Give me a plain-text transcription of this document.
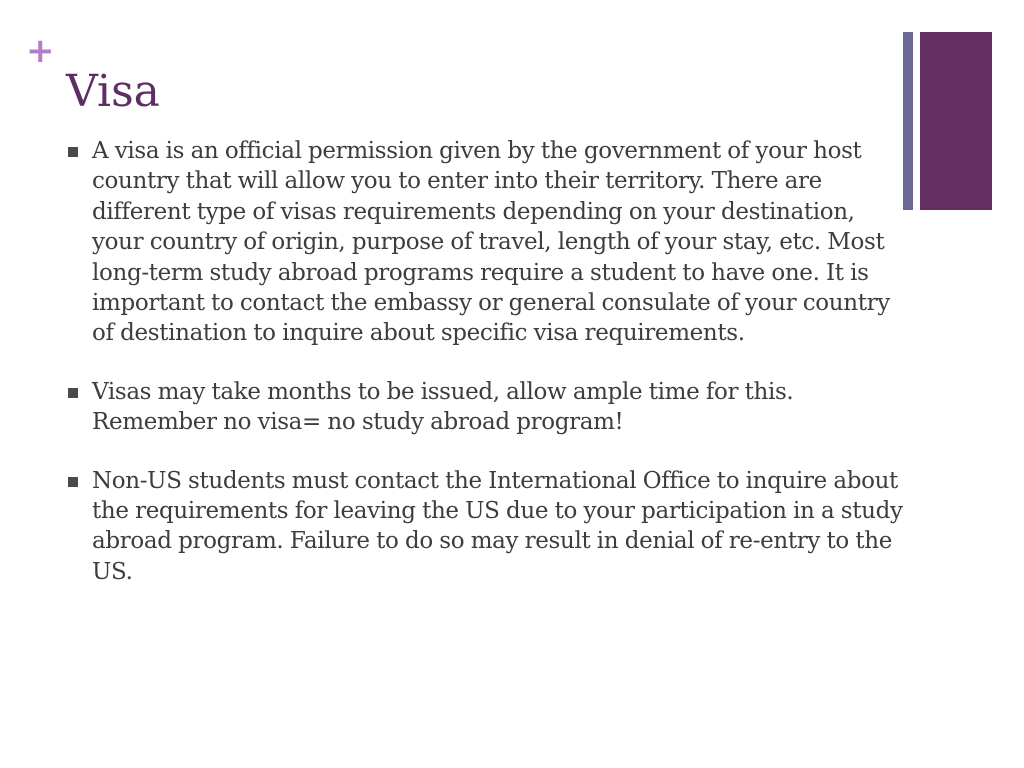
+
Visa
A visa is an official permission given by the government of your host country that will allow you to enter into their territory. There are different type of visas requirements depending on your destination, your country of origin, purpose of travel, length of your stay, etc. Most long-term study abroad programs require a student to have one. It is important to contact the embassy or general consulate of your country of destination to inquire about specific visa requirements.
Visas may take months to be issued, allow ample time for this. Remember no visa= no study abroad program!
Non-US students must contact the International Office to inquire about the requirements for leaving the US due to your participation in a study abroad program. Failure to do so may result in denial of re-entry to the US.
